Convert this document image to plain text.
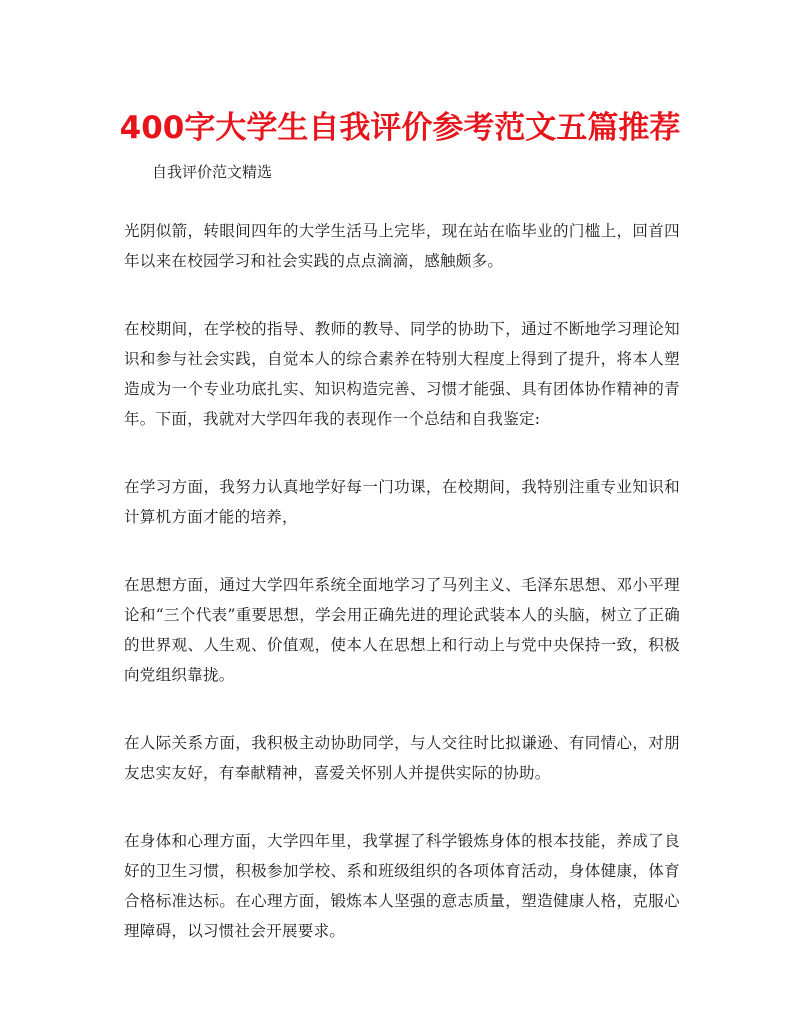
400字大学生自我评价参考范文五篇推荐

自我评价范文精选

光阴似箭，转眼间四年的大学生活马上完毕，现在站在临毕业的门槛上，回首四年以来在校园学习和社会实践的点点滴滴，感触颇多。

在校期间，在学校的指导、教师的教导、同学的协助下，通过不断地学习理论知识和参与社会实践，自觉本人的综合素养在特别大程度上得到了提升，将本人塑造成为一个专业功底扎实、知识构造完善、习惯才能强、具有团体协作精神的青年。下面，我就对大学四年我的表现作一个总结和自我鉴定:

在学习方面，我努力认真地学好每一门功课，在校期间，我特别注重专业知识和计算机方面才能的培养，

在思想方面，通过大学四年系统全面地学习了马列主义、毛泽东思想、邓小平理论和“三个代表”重要思想，学会用正确先进的理论武装本人的头脑，树立了正确的世界观、人生观、价值观，使本人在思想上和行动上与党中央保持一致，积极向党组织靠拢。

在人际关系方面，我积极主动协助同学，与人交往时比拟谦逊、有同情心，对朋友忠实友好，有奉献精神，喜爱关怀别人并提供实际的协助。

在身体和心理方面，大学四年里，我掌握了科学锻炼身体的根本技能，养成了良好的卫生习惯，积极参加学校、系和班级组织的各项体育活动，身体健康，体育合格标准达标。在心理方面，锻炼本人坚强的意志质量，塑造健康人格，克服心理障碍，以习惯社会开展要求。
